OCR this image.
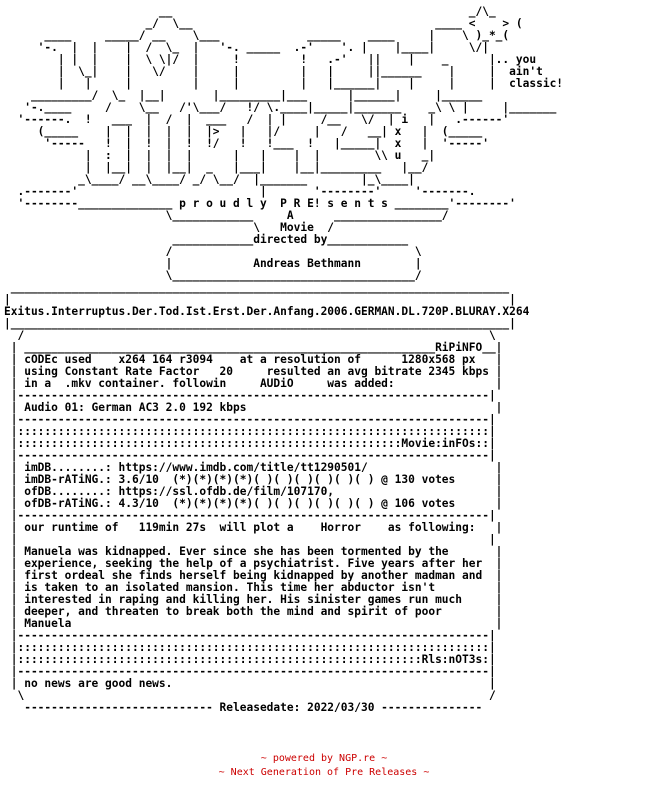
__                                            _/\_
_/  \__                                    ____ <    > (
____     _____/ __    \___             _____    ____     |    \ )_*_(
'-.  |  |    |  /  \_  |   '-. _____  .-'    '. |    |____|     \/|
| |  |    |  \ \|/  |     !         !   .-'   ||    |    _      |.. you
|  \_|    |   \/    |     |         |   |     ||______    |     |  ain't
|   |     |         |     |         |   |______|    |     |     |  classic!
_________/  \_  |__|       |_________|___      |______|     |______
'-.____     /    \__   /'\___/   !/ \.____|_____|_______    _\ \ |     |_______
'------.  !   ___  |  /  |  ___   /  | |     /__   \/  | i   |   .------'
(_____    |  |  |  |  |  |>   |   |/     |   /   __| x   |  (_____
'-----   !  |  !  |  !  !/   !   !___  !   |_____|  x   |  '-----'
|  :  |  |  |  |      |   |    |  |        \\ u   _|
|  |__|  |  |__|  _   |___|    |__|_________   |__/
_\____/ __\____/ _/ \__/  |_______        |_\____|
.-------'                           |       '--------'     '-------.
'--------______________ p r o u d l y  P R E! s e n t s ________'--------'
\____________     A      ________________/
\   Movie  /
____________directed by____________
/                                    \
|            Andreas Bethmann        |
\____________________________________/
__________________________________________________________________________
|                                                                          |
Exitus.Interruptus.Der.Tod.Ist.Erst.Der.Anfang.2006.GERMAN.DL.720P.BLURAY.X264
|__________________________________________________________________________|
/                                                                     \
| _____________________________________________________________RiPiNFO__|
| cODEc used    x264 164 r3094    at a resolution of      1280x568 px   |
| using Constant Rate Factor   20     resulted an avg bitrate 2345 kbps |
| in a  .mkv container. followin     AUDiO     was added:               |
|----------------------------------------------------------------------|
| Audio 01: German AC3 2.0 192 kbps                                     |
|----------------------------------------------------------------------|
|::::::::::::::::::::::::::::::::::::::::::::::::::::::::::::::::::::::|
|:::::::::::::::::::::::::::::::::::::::::::::::::::::::::Movie:inFOs::|
|----------------------------------------------------------------------|
| imDB........: https://www.imdb.com/title/tt1290501/                   |
| imDB-rATiNG.: 3.6/10  (*)(*)(*)(*)( )( )( )( )( )( ) @ 130 votes      |
| ofDB........: https://ssl.ofdb.de/film/107170,                        |
| ofDB-rATiNG.: 4.3/10  (*)(*)(*)(*)( )( )( )( )( )( ) @ 106 votes      |
|----------------------------------------------------------------------|
| our runtime of   119min 27s  will plot a    Horror    as following:   |
|                                                                      |
| Manuela was kidnapped. Ever since she has been tormented by the       |
| experience, seeking the help of a psychiatrist. Five years after her  |
| first ordeal she finds herself being kidnapped by another madman and  |
| is taken to an isolated mansion. This time her abductor isn't         |
| interested in raping and killing her. His sinister games run much     |
| deeper, and threaten to break both the mind and spirit of poor        |
| Manuela                                                               |
|----------------------------------------------------------------------|
|::::::::::::::::::::::::::::::::::::::::::::::::::::::::::::::::::::::|
|::::::::::::::::::::::::::::::::::::::::::::::::::::::::::::Rls:nOT3s:|
|----------------------------------------------------------------------|
| no news are good news.                                               |
\                                                                     /
---------------------------- Releasedate: 2022/03/30 ---------------
~ powered by NGP.re ~
~ Next Generation of Pre Releases ~
